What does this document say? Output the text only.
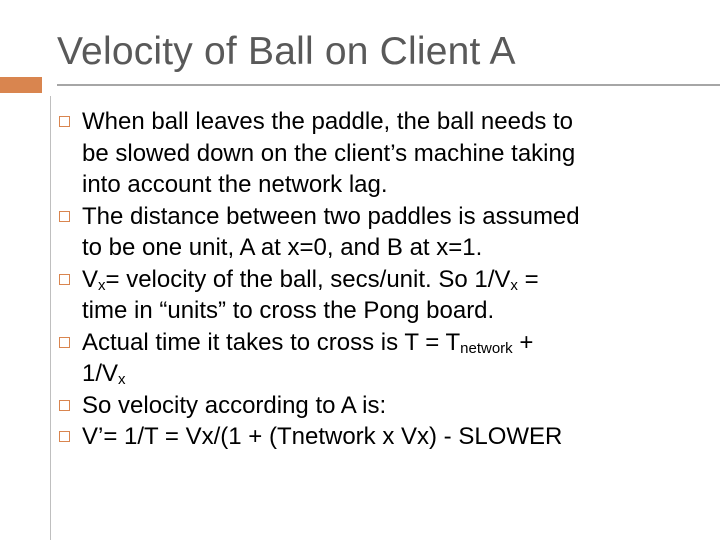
Velocity of Ball on Client A
When ball leaves the paddle, the ball needs to
be slowed down on the client’s machine taking
into account the network lag.
The distance between two paddles is assumed
to be one unit, A at x=0, and B at x=1.
$V_x=$ velocity of the ball, secs/unit. So $1/V_x$ =
time in “units” to cross the Pong board.
Actual time it takes to cross is $T = T_{network}$ +
$1/V_x$
So velocity according to A is:
V’= 1/T = Vx/(1 + (Tnetwork x Vx) - SLOWER
